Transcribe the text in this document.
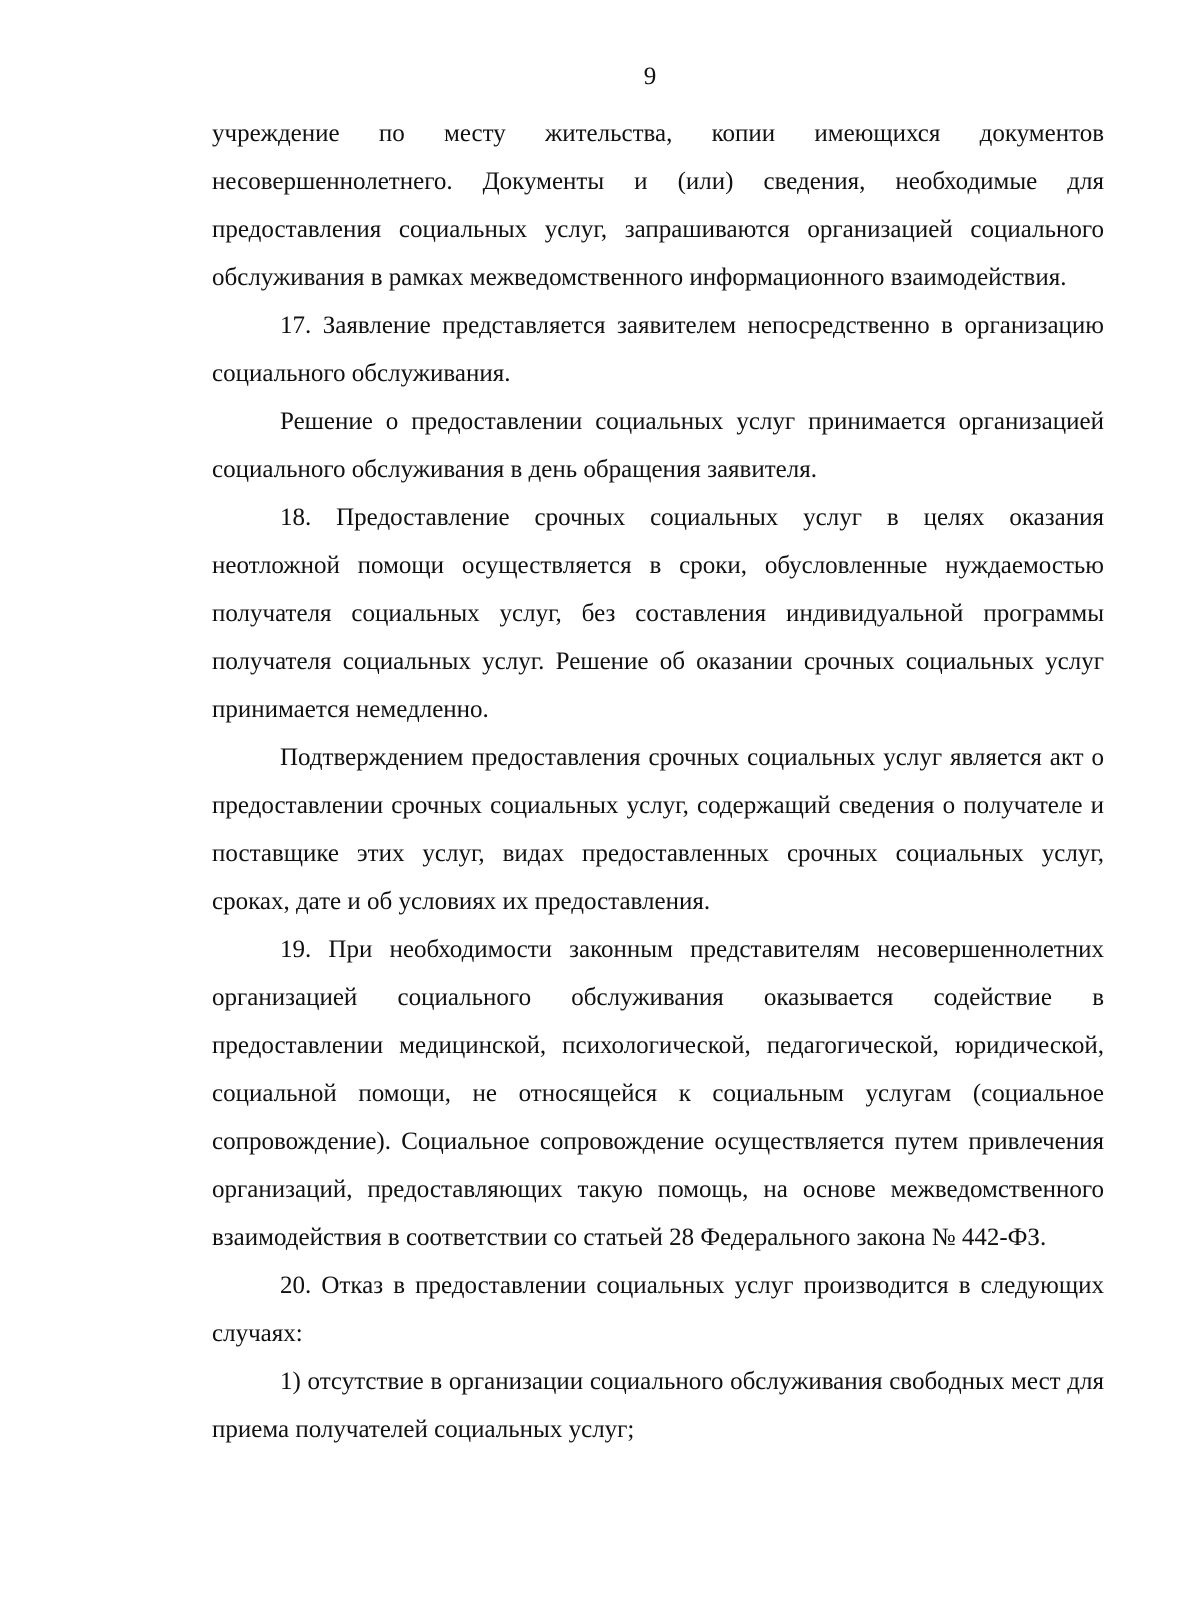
9

учреждение по месту жительства, копии имеющихся документов несовершеннолетнего. Документы и (или) сведения, необходимые для предоставления социальных услуг, запрашиваются организацией социального обслуживания в рамках межведомственного информационного взаимодействия.

17. Заявление представляется заявителем непосредственно в организацию социального обслуживания.

Решение о предоставлении социальных услуг принимается организацией социального обслуживания в день обращения заявителя.

18. Предоставление срочных социальных услуг в целях оказания неотложной помощи осуществляется в сроки, обусловленные нуждаемостью получателя социальных услуг, без составления индивидуальной программы получателя социальных услуг. Решение об оказании срочных социальных услуг принимается немедленно.

Подтверждением предоставления срочных социальных услуг является акт о предоставлении срочных социальных услуг, содержащий сведения о получателе и поставщике этих услуг, видах предоставленных срочных социальных услуг, сроках, дате и об условиях их предоставления.

19. При необходимости законным представителям несовершеннолетних организацией социального обслуживания оказывается содействие в предоставлении медицинской, психологической, педагогической, юридической, социальной помощи, не относящейся к социальным услугам (социальное сопровождение). Социальное сопровождение осуществляется путем привлечения организаций, предоставляющих такую помощь, на основе межведомственного взаимодействия в соответствии со статьей 28 Федерального закона № 442-ФЗ.

20. Отказ в предоставлении социальных услуг производится в следующих случаях:

1) отсутствие в организации социального обслуживания свободных мест для приема получателей социальных услуг;
